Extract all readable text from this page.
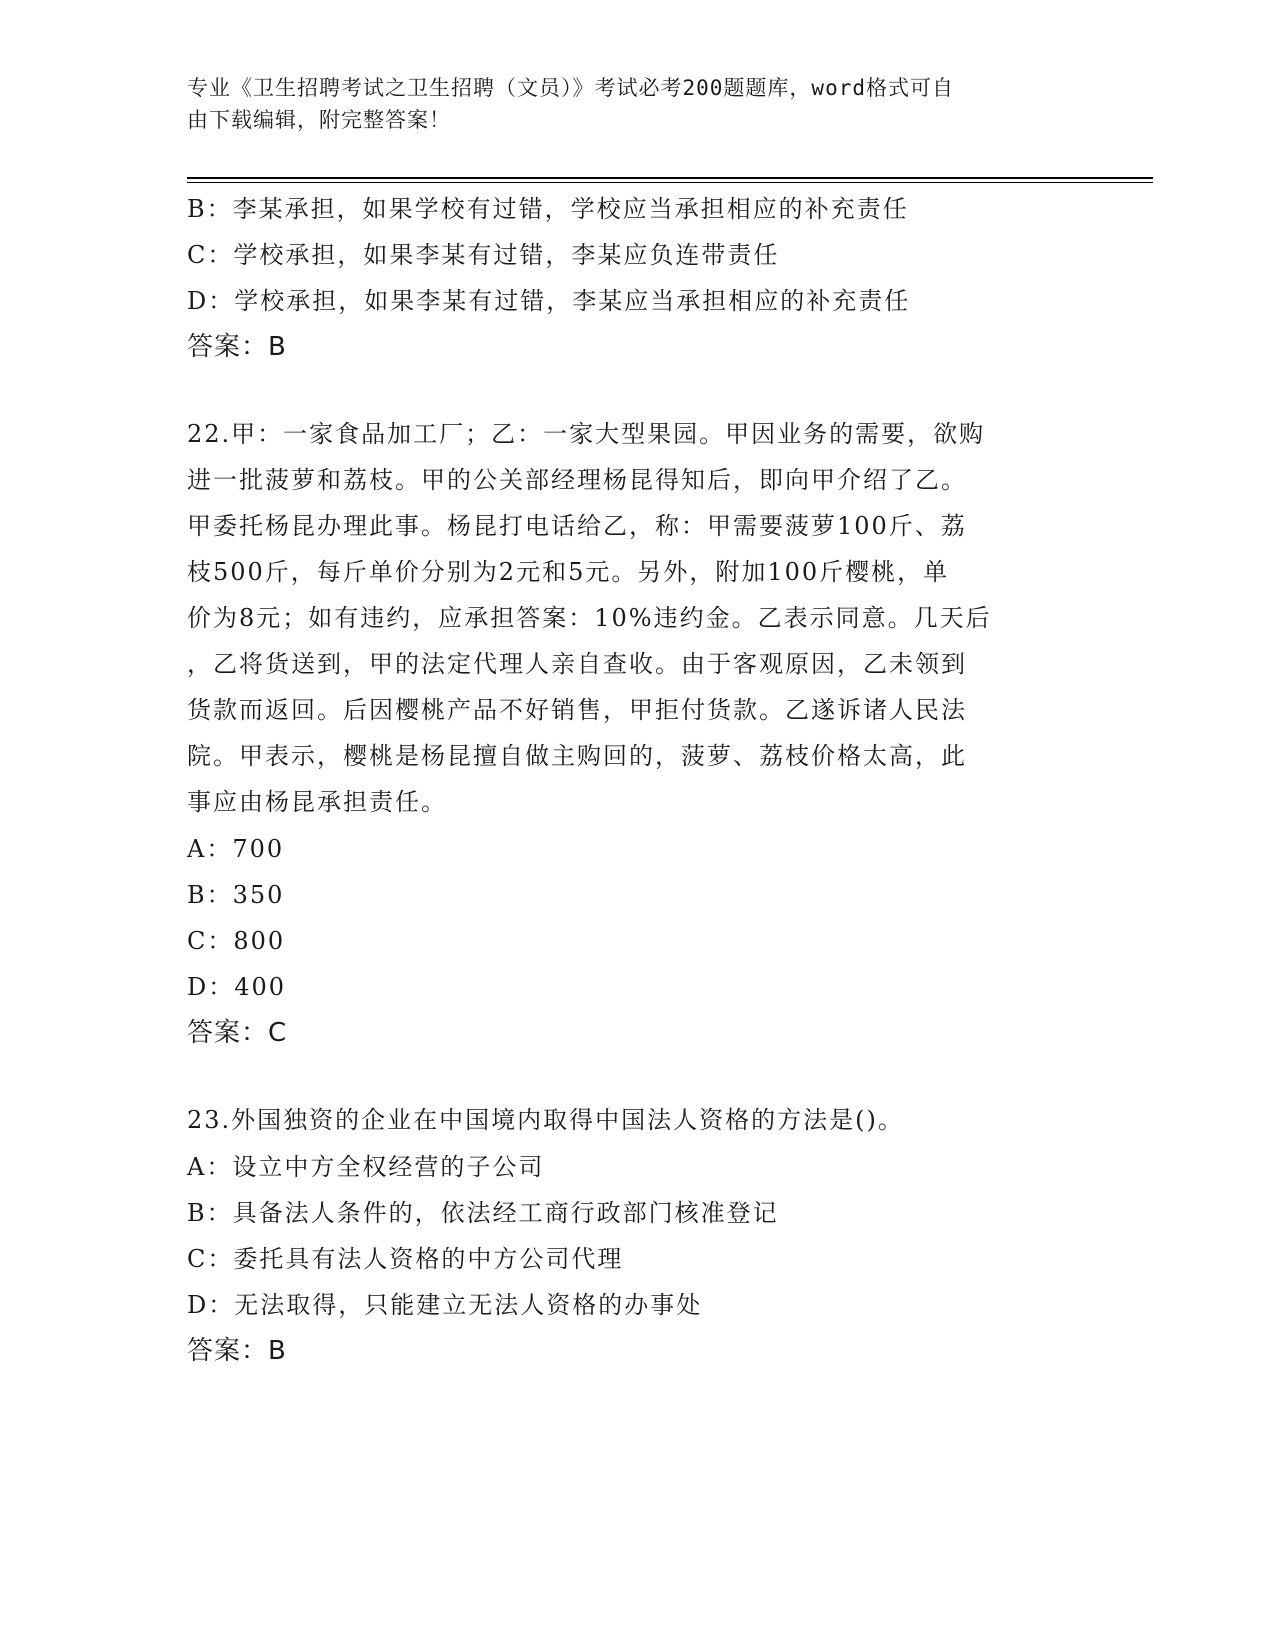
专业《卫生招聘考试之卫生招聘（文员）》考试必考200题题库，word格式可自
由下载编辑，附完整答案！
B：李某承担，如果学校有过错，学校应当承担相应的补充责任
C：学校承担，如果李某有过错，李某应负连带责任
D：学校承担，如果李某有过错，李某应当承担相应的补充责任
答案：B
22.甲：一家食品加工厂；乙：一家大型果园。甲因业务的需要，欲购
进一批菠萝和荔枝。甲的公关部经理杨昆得知后，即向甲介绍了乙。
甲委托杨昆办理此事。杨昆打电话给乙，称：甲需要菠萝100斤、荔
枝500斤，每斤单价分别为2元和5元。另外，附加100斤樱桃，单
价为8元；如有违约，应承担答案：10%违约金。乙表示同意。几天后
，乙将货送到，甲的法定代理人亲自查收。由于客观原因，乙未领到
货款而返回。后因樱桃产品不好销售，甲拒付货款。乙遂诉诸人民法
院。甲表示，樱桃是杨昆擅自做主购回的，菠萝、荔枝价格太高，此
事应由杨昆承担责任。
A：700
B：350
C：800
D：400
答案：C
23.外国独资的企业在中国境内取得中国法人资格的方法是()。
A：设立中方全权经营的子公司
B：具备法人条件的，依法经工商行政部门核准登记
C：委托具有法人资格的中方公司代理
D：无法取得，只能建立无法人资格的办事处
答案：B
